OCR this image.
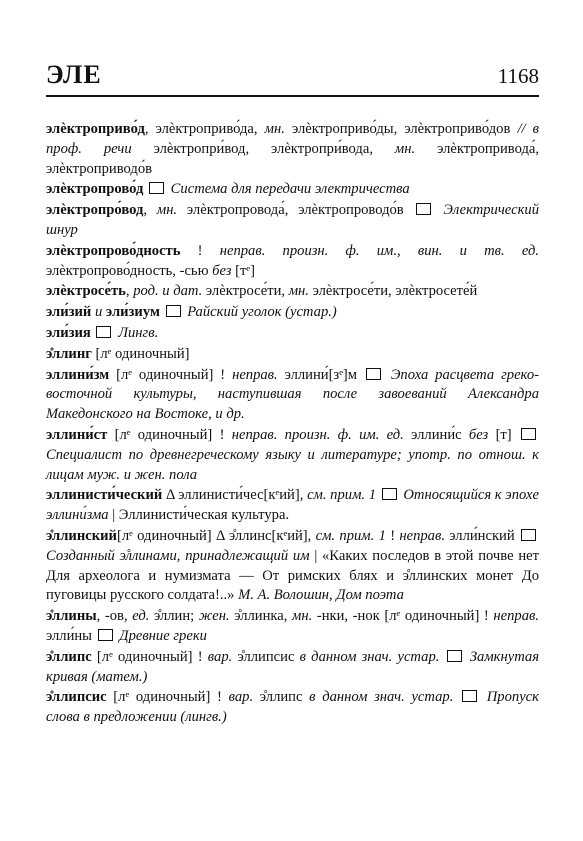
ЭЛЕ	1168
элѐктроприво́д, элѐктроприво́да, мн. элѐктроприво́ды, элѐктроприво́дов // в проф. речи элѐктропри́вод, элѐктропри́вода, мн. элѐктропривода́, элѐктроприводо́в
элѐктропрово́д  Система для передачи электричества
элѐктропро́вод, мн. элѐктропровода́, элѐктропроводо́в  Электрический шнур
элѐктропрово́дность ! неправ. произн. ф. им., вин. и тв. ед. элѐктропрово́дность, -сью без [тᵉ]
элѐктросе́ть, род. и дат. элѐктросе́ти, мн. элѐктросе́ти, элѐктросете́й
эли́зий и эли́зиум  Райский уголок (устар.)
эли́зия  Лингв.
э̊ллинг [лᵉ одиночный]
эллини́зм [лᵉ одиночный] ! неправ. эллини́[зᵉ]м  Эпоха расцвета греко-восточной культуры, наступившая после завоеваний Александра Македонского на Востоке, и др.
эллини́ст [лᵉ одиночный] ! неправ. произн. ф. им. ед. эллини́с без [т]  Специалист по древнегреческому языку и литературе; употр. по отнош. к лицам муж. и жен. пола
эллинисти́ческий Δ эллинисти́чес[кᵉий], см. прим. 1  Относящийся к эпохе эллини́зма | Эллинисти́ческая культура.
э̊ллинский[лᵉ одиночный] Δ э̊ллинс[кᵉий], см. прим. 1 ! неправ. элли́нский  Созданный э̊ллинами, принадлежащий им | «Каких последов в этой почве нет Для археолога и нумизмата — От римских блях и э̊ллинских монет До пуговицы русского солдата!..» М. А. Волошин, Дом поэта
э̊ллины, -ов, ед. э̊ллин; жен. э̊ллинка, мн. -нки, -нок [лᵉ одиночный] ! неправ. элли́ны  Древние греки
э̊ллипс [лᵉ одиночный] ! вар. э̊ллипсис в данном знач. устар.  Замкнутая кривая (матем.)
э̊ллипсис [лᵉ одиночный] ! вар. э̊ллипс в данном знач. устар.  Пропуск слова в предложении (лингв.)
